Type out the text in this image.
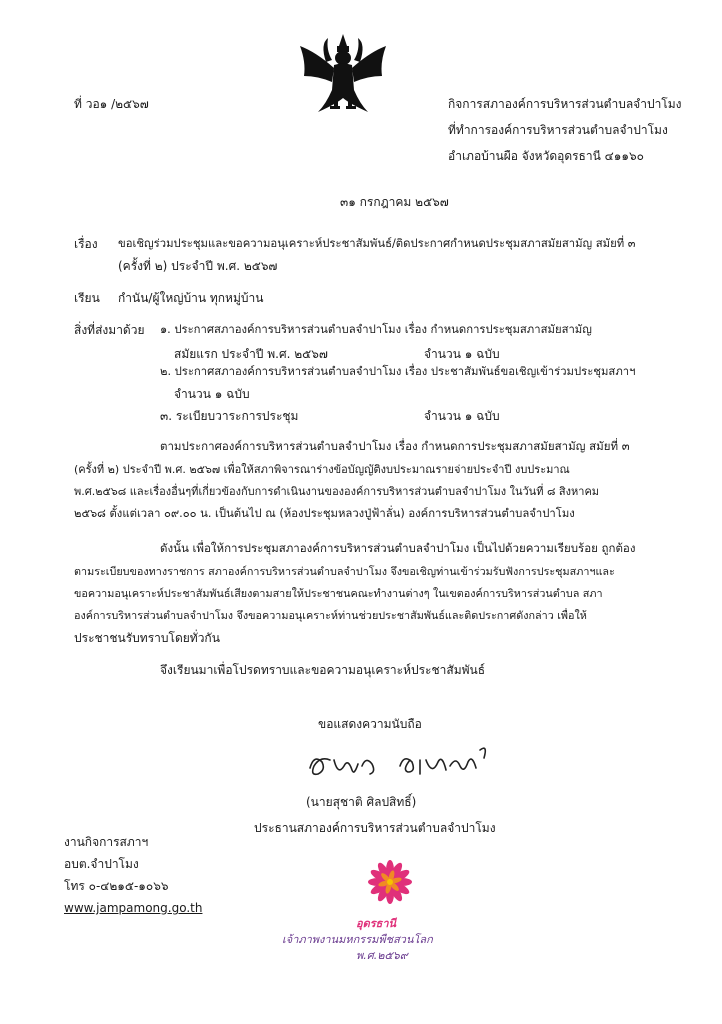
ที่ วอ๑ /๒๕๖๗	กิจการสภาองค์การบริหารส่วนตำบลจำปาโมง
ที่ทำการองค์การบริหารส่วนตำบลจำปาโมง
อำเภอบ้านผือ จังหวัดอุดรธานี ๔๑๑๖๐
๓๑ กรกฎาคม ๒๕๖๗
เรื่อง ขอเชิญร่วมประชุมและขอความอนุเคราะห์ประชาสัมพันธ์/ติดประกาศกำหนดประชุมสภาสมัยสามัญ สมัยที่ ๓
(ครั้งที่ ๒) ประจำปี พ.ศ. ๒๕๖๗
เรียน กำนัน/ผู้ใหญ่บ้าน ทุกหมู่บ้าน
สิ่งที่ส่งมาด้วย ๑. ประกาศสภาองค์การบริหารส่วนตำบลจำปาโมง เรื่อง กำหนดการประชุมสภาสมัยสามัญ
สมัยแรก ประจำปี พ.ศ. ๒๕๖๗	จำนวน ๑ ฉบับ
๒. ประกาศสภาองค์การบริหารส่วนตำบลจำปาโมง เรื่อง ประชาสัมพันธ์ขอเชิญเข้าร่วมประชุมสภาฯ
จำนวน ๑ ฉบับ
๓. ระเบียบวาระการประชุม	จำนวน ๑ ฉบับ
ตามประกาศองค์การบริหารส่วนตำบลจำปาโมง เรื่อง กำหนดการประชุมสภาสมัยสามัญ สมัยที่ ๓
(ครั้งที่ ๒) ประจำปี พ.ศ. ๒๕๖๗ เพื่อให้สภาพิจารณาร่างข้อบัญญัติงบประมาณรายจ่ายประจำปี งบประมาณ
พ.ศ.๒๕๖๘ และเรื่องอื่นๆที่เกี่ยวข้องกับการดำเนินงานขององค์การบริหารส่วนตำบลจำปาโมง ในวันที่ ๘ สิงหาคม
๒๕๖๘ ตั้งแต่เวลา ๐๙.๐๐ น. เป็นต้นไป ณ (ห้องประชุมหลวงปู่ฟ้าลั่น) องค์การบริหารส่วนตำบลจำปาโมง
ดังนั้น เพื่อให้การประชุมสภาองค์การบริหารส่วนตำบลจำปาโมง เป็นไปด้วยความเรียบร้อย ถูกต้อง
ตามระเบียบของทางราชการ สภาองค์การบริหารส่วนตำบลจำปาโมง จึงขอเชิญท่านเข้าร่วมรับฟังการประชุมสภาฯและ
ขอความอนุเคราะห์ประชาสัมพันธ์เสียงตามสายให้ประชาชนคณะทำงานต่างๆ ในเขตองค์การบริหารส่วนตำบล สภา
องค์การบริหารส่วนตำบลจำปาโมง จึงขอความอนุเคราะห์ท่านช่วยประชาสัมพันธ์และติดประกาศดังกล่าว เพื่อให้
ประชาชนรับทราบโดยทั่วกัน
จึงเรียนมาเพื่อโปรดทราบและขอความอนุเคราะห์ประชาสัมพันธ์
ขอแสดงความนับถือ
(นายสุชาติ ศิลปสิทธิ์)
ประธานสภาองค์การบริหารส่วนตำบลจำปาโมง
งานกิจการสภาฯ
อบต.จำปาโมง
โทร ๐-๔๒๑๕-๑๐๖๖
www.jampamong.go.th
อุดรธานี
เจ้าภาพงานมหกรรมพืชสวนโลก
พ.ศ.๒๕๖๙
